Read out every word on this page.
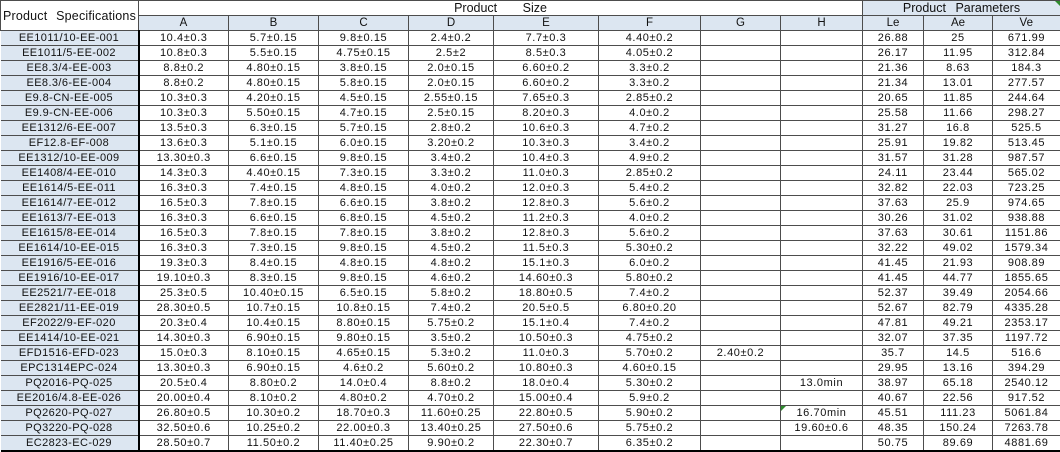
Product Specifications	Product Size								Product Parameters		

	A	B	C	D	E	F	G	H	Le	Ae	Ve
EE1011/10-EE-001	10.4±0.3	5.7±0.15	9.8±0.15	2.4±0.2	7.7±0.3	4.40±0.2			26.88	25	671.99
EE1011/5-EE-002	10.8±0.3	5.5±0.15	4.75±0.15	2.5±2	8.5±0.3	4.05±0.2			26.17	11.95	312.84
EE8.3/4-EE-003	8.8±0.2	4.80±0.15	3.8±0.15	2.0±0.15	6.60±0.2	3.3±0.2			21.36	8.63	184.3
EE8.3/6-EE-004	8.8±0.2	4.80±0.15	5.8±0.15	2.0±0.15	6.60±0.2	3.3±0.2			21.34	13.01	277.57
E9.8-CN-EE-005	10.3±0.3	4.20±0.15	4.5±0.15	2.55±0.15	7.65±0.3	2.85±0.2			20.65	11.85	244.64
E9.9-CN-EE-006	10.3±0.3	5.50±0.15	4.7±0.15	2.5±0.15	8.20±0.3	4.0±0.2			25.58	11.66	298.27
EE1312/6-EE-007	13.5±0.3	6.3±0.15	5.7±0.15	2.8±0.2	10.6±0.3	4.7±0.2			31.27	16.8	525.5
EF12.8-EF-008	13.6±0.3	5.1±0.15	6.0±0.15	3.20±0.2	10.3±0.3	3.4±0.2			25.91	19.82	513.45
EE1312/10-EE-009	13.30±0.3	6.6±0.15	9.8±0.15	3.4±0.2	10.4±0.3	4.9±0.2			31.57	31.28	987.57
EE1408/4-EE-010	14.3±0.3	4.40±0.15	7.3±0.15	3.3±0.2	11.0±0.3	2.85±0.2			24.11	23.44	565.02
EE1614/5-EE-011	16.3±0.3	7.4±0.15	4.8±0.15	4.0±0.2	12.0±0.3	5.4±0.2			32.82	22.03	723.25
EE1614/7-EE-012	16.5±0.3	7.8±0.15	6.6±0.15	3.8±0.2	12.8±0.3	5.6±0.2			37.63	25.9	974.65
EE1613/7-EE-013	16.3±0.3	6.6±0.15	6.8±0.15	4.5±0.2	11.2±0.3	4.0±0.2			30.26	31.02	938.88
EE1615/8-EE-014	16.5±0.3	7.8±0.15	7.8±0.15	3.8±0.2	12.8±0.3	5.6±0.2			37.63	30.61	1151.86
EE1614/10-EE-015	16.3±0.3	7.3±0.15	9.8±0.15	4.5±0.2	11.5±0.3	5.30±0.2			32.22	49.02	1579.34
EE1916/5-EE-016	19.3±0.3	8.4±0.15	4.8±0.15	4.8±0.2	15.1±0.3	6.0±0.2			41.45	21.93	908.89
EE1916/10-EE-017	19.10±0.3	8.3±0.15	9.8±0.15	4.6±0.2	14.60±0.3	5.80±0.2			41.45	44.77	1855.65
EE2521/7-EE-018	25.3±0.5	10.40±0.15	6.5±0.15	5.8±0.2	18.80±0.5	7.4±0.2			52.37	39.49	2054.66
EE2821/11-EE-019	28.30±0.5	10.7±0.15	10.8±0.15	7.4±0.2	20.5±0.5	6.80±0.20			52.67	82.79	4335.28
EF2022/9-EF-020	20.3±0.4	10.4±0.15	8.80±0.15	5.75±0.2	15.1±0.4	7.4±0.2			47.81	49.21	2353.17
EE1414/10-EE-021	14.30±0.3	6.90±0.15	9.80±0.15	3.5±0.2	10.50±0.3	4.75±0.2			32.07	37.35	1197.72
EFD1516-EFD-023	15.0±0.3	8.10±0.15	4.65±0.15	5.3±0.2	11.0±0.3	5.70±0.2	2.40±0.2		35.7	14.5	516.6
EPC1314EPC-024	13.30±0.3	6.90±0.15	4.6±0.2	5.60±0.2	10.80±0.3	4.60±0.15			29.95	13.16	394.29
PQ2016-PQ-025	20.5±0.4	8.80±0.2	14.0±0.4	8.8±0.2	18.0±0.4	5.30±0.2		13.0min	38.97	65.18	2540.12
EE2016/4.8-EE-026	20.00±0.4	8.10±0.2	4.80±0.2	4.70±0.2	15.00±0.4	5.9±0.2			40.67	22.56	917.52
PQ2620-PQ-027	26.80±0.5	10.30±0.2	18.70±0.3	11.60±0.25	22.80±0.5	5.90±0.2		16.70min	45.51	111.23	5061.84
PQ3220-PQ-028	32.50±0.6	10.25±0.2	22.00±0.3	13.40±0.25	27.50±0.6	5.75±0.2		19.60±0.6	48.35	150.24	7263.78
EC2823-EC-029	28.50±0.7	11.50±0.2	11.40±0.25	9.90±0.2	22.30±0.7	6.35±0.2			50.75	89.69	4881.69
